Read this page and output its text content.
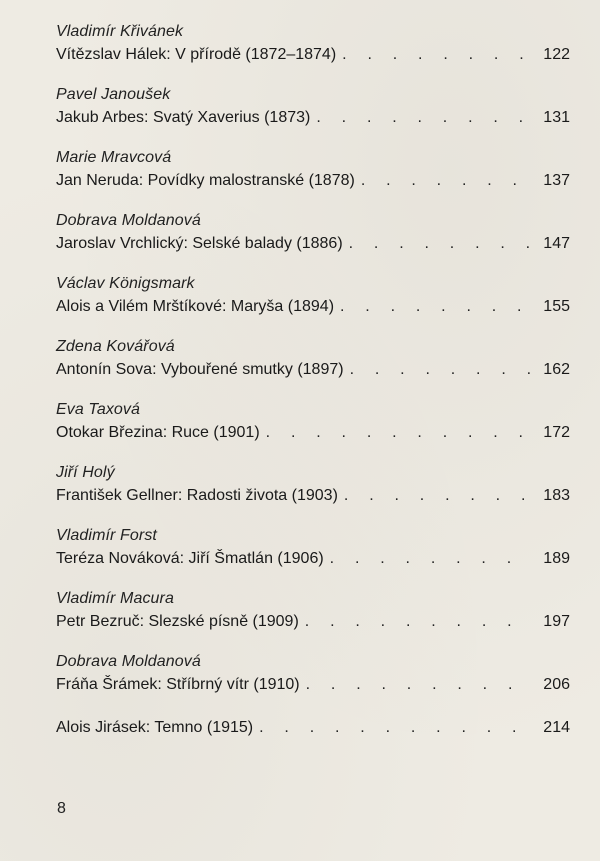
Vladimír Křivánek
Vítězslav Hálek: V přírodě (1872–1874) . . .	122
Pavel Janoušek
Jakub Arbes: Svatý Xaverius (1873) . . .	131
Marie Mravcová
Jan Neruda: Povídky malostranské (1878) . . .	137
Dobrava Moldanová
Jaroslav Vrchlický: Selské balady (1886) . . .	147
Václav Königsmark
Alois a Vilém Mrštíkové: Maryša (1894) . . .	155
Zdena Kovářová
Antonín Sova: Vybouřené smutky (1897) . . .	162
Eva Taxová
Otokar Březina: Ruce (1901) . . .	172
Jiří Holý
František Gellner: Radosti života (1903) . . .	183
Vladimír Forst
Teréza Nováková: Jiří Šmatlán (1906) . . .	189
Vladimír Macura
Petr Bezruč: Slezské písně (1909) . . .	197
Dobrava Moldanová
Fráňa Šrámek: Stříbrný vítr (1910) . . .	206
Alois Jirásek: Temno (1915) . . .	214
8
